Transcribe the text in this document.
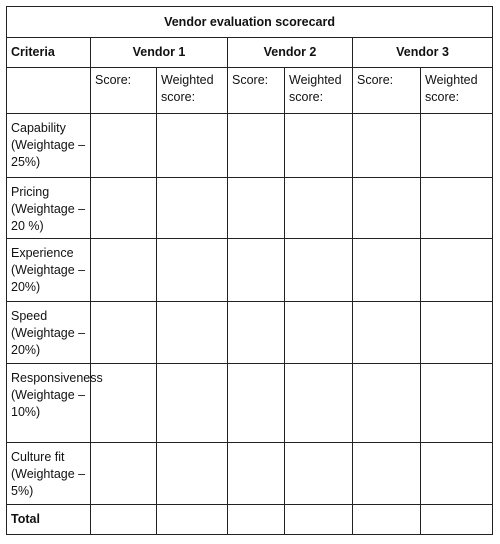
Vendor evaluation scorecard						
Criteria	Vendor 1		Vendor 2		Vendor 3	
	Score:	Weighted score:	Score:	Weighted score:	Score:	Weighted score:

Capability
(Weightage – 25%)						

Pricing
(Weightage – 20 %)						

Experience
(Weightage – 20%)						

Speed
(Weightage – 20%)						

Responsiveness
(Weightage – 10%)						

Culture fit
(Weightage – 5%)						

Total						
